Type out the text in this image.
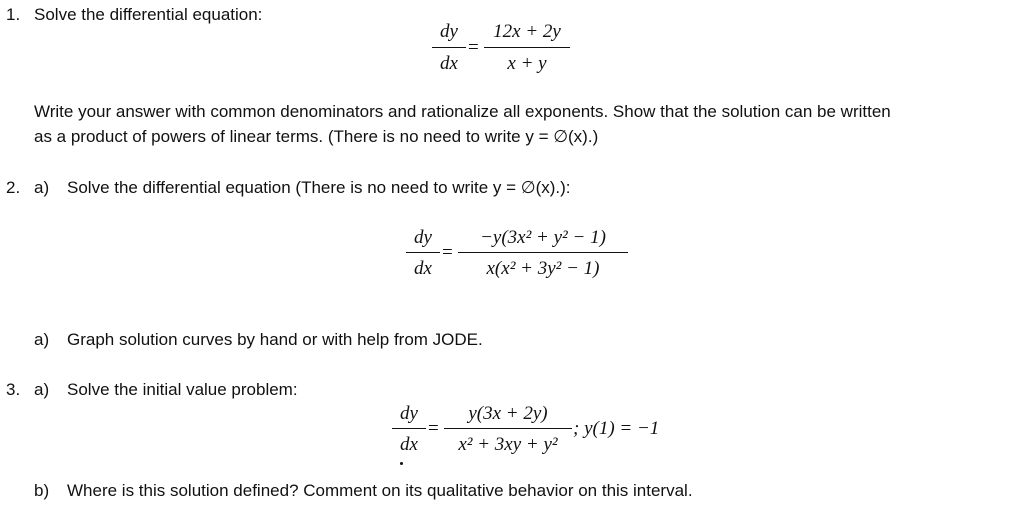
1. Solve the differential equation:
dy
dx
=
12x + 2y
x + y
Write your answer with common denominators and rationalize all exponents. Show that the solution can be written
as a product of powers of linear terms. (There is no need to write y = ∅(x).)
2. a) Solve the differential equation (There is no need to write y = ∅(x).):
dy
dx
=
−y(3x² + y² − 1)
x(x² + 3y² − 1)
a) Graph solution curves by hand or with help from JODE.
3. a) Solve the initial value problem:
dy
dx
=
y(3x + 2y)
x² + 3xy + y²
; y(1) = −1
b) Where is this solution defined? Comment on its qualitative behavior on this interval.
